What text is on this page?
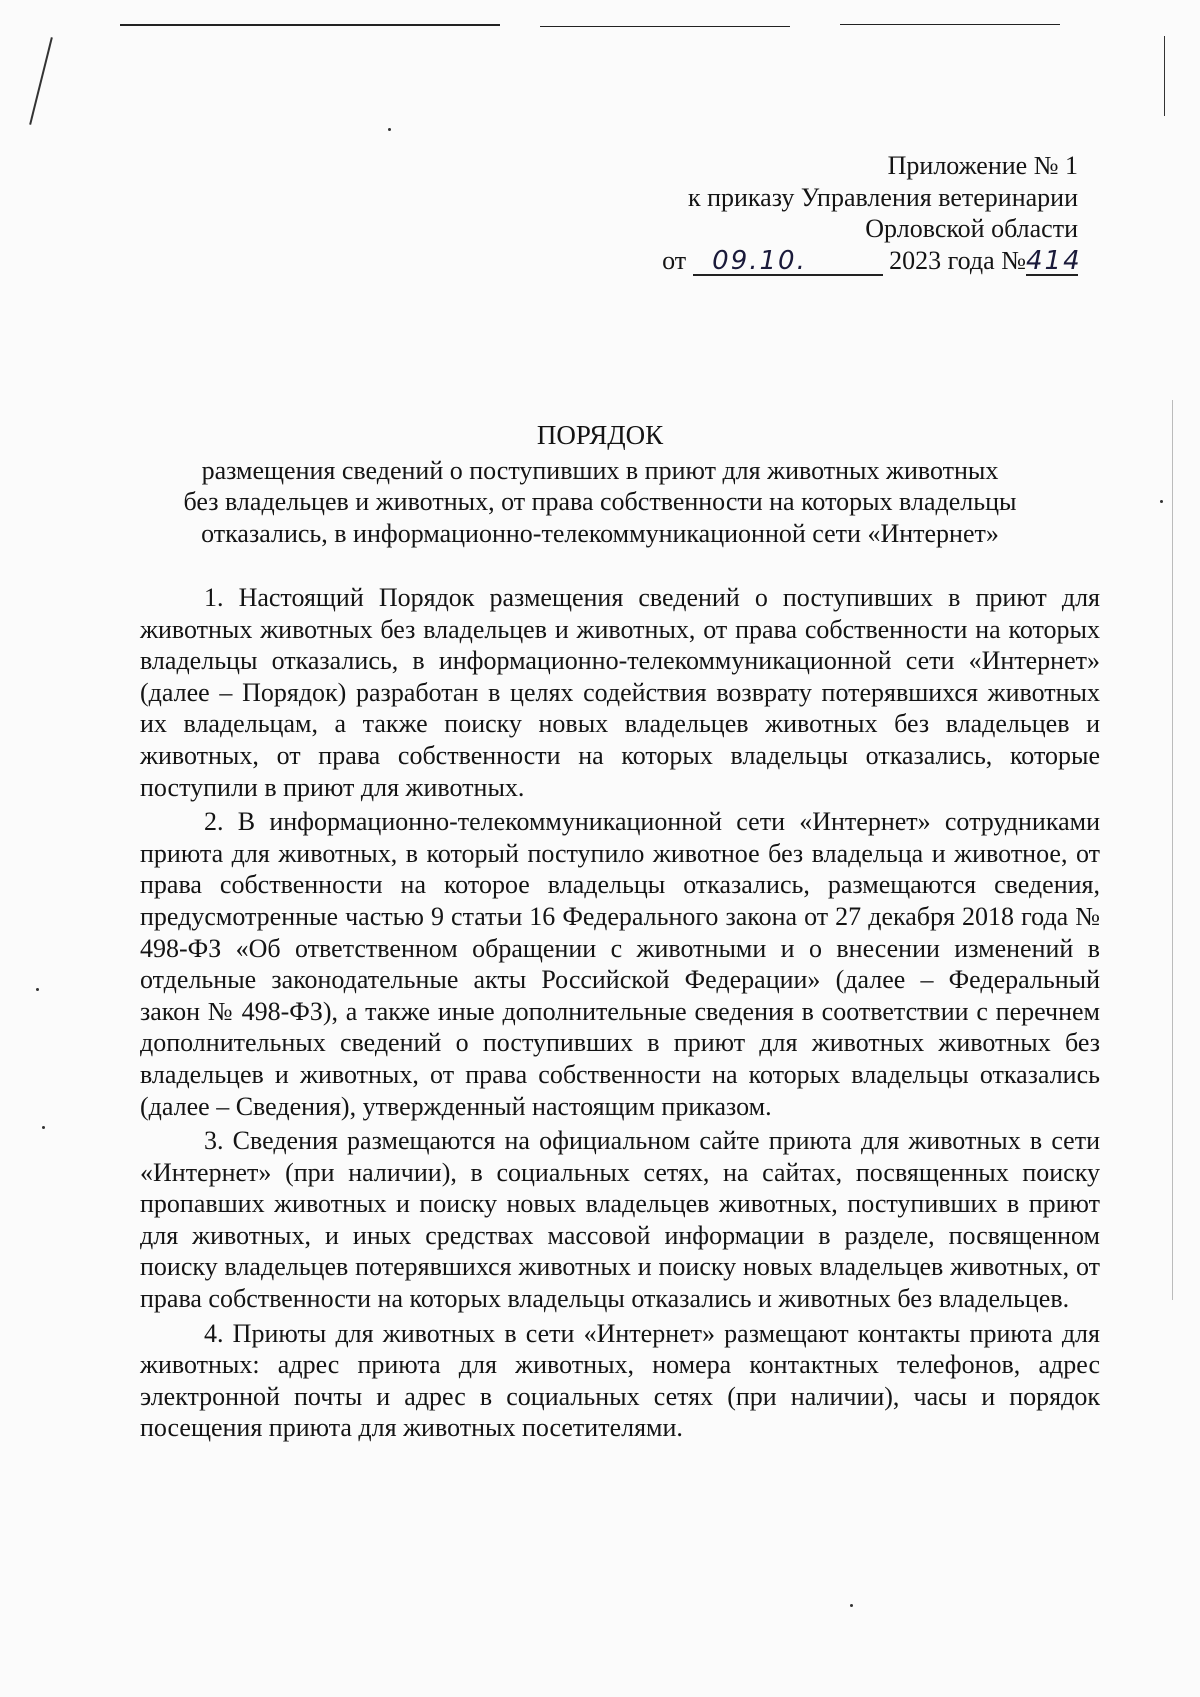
Приложение № 1
к приказу Управления ветеринарии
Орловской области
от 09.10.	2023 года №414
ПОРЯДОК
размещения сведений о поступивших в приют для животных животных
без владельцев и животных, от права собственности на которых владельцы
отказались, в информационно-телекоммуникационной сети «Интернет»

1. Настоящий Порядок размещения сведений о поступивших в приют для животных животных без владельцев и животных, от права собственности на которых владельцы отказались, в информационно-телекоммуникационной сети «Интернет» (далее – Порядок) разработан в целях содействия возврату потерявшихся животных их владельцам, а также поиску новых владельцев животных без владельцев и животных, от права собственности на которых владельцы отказались, которые поступили в приют для животных.

2. В информационно-телекоммуникационной сети «Интернет» сотрудниками приюта для животных, в который поступило животное без владельца и животное, от права собственности на которое владельцы отказались, размещаются сведения, предусмотренные частью 9 статьи 16 Федерального закона от 27 декабря 2018 года № 498-ФЗ «Об ответственном обращении с животными и о внесении изменений в отдельные законодательные акты Российской Федерации» (далее – Федеральный закон № 498-ФЗ), а также иные дополнительные сведения в соответствии с перечнем дополнительных сведений о поступивших в приют для животных животных без владельцев и животных, от права собственности на которых владельцы отказались (далее – Сведения), утвержденный настоящим приказом.

3. Сведения размещаются на официальном сайте приюта для животных в сети «Интернет» (при наличии), в социальных сетях, на сайтах, посвященных поиску пропавших животных и поиску новых владельцев животных, поступивших в приют для животных, и иных средствах массовой информации в разделе, посвященном поиску владельцев потерявшихся животных и поиску новых владельцев животных, от права собственности на которых владельцы отказались и животных без владельцев.

4. Приюты для животных в сети «Интернет» размещают контакты приюта для животных: адрес приюта для животных, номера контактных телефонов, адрес электронной почты и адрес в социальных сетях (при наличии), часы и порядок посещения приюта для животных посетителями.
